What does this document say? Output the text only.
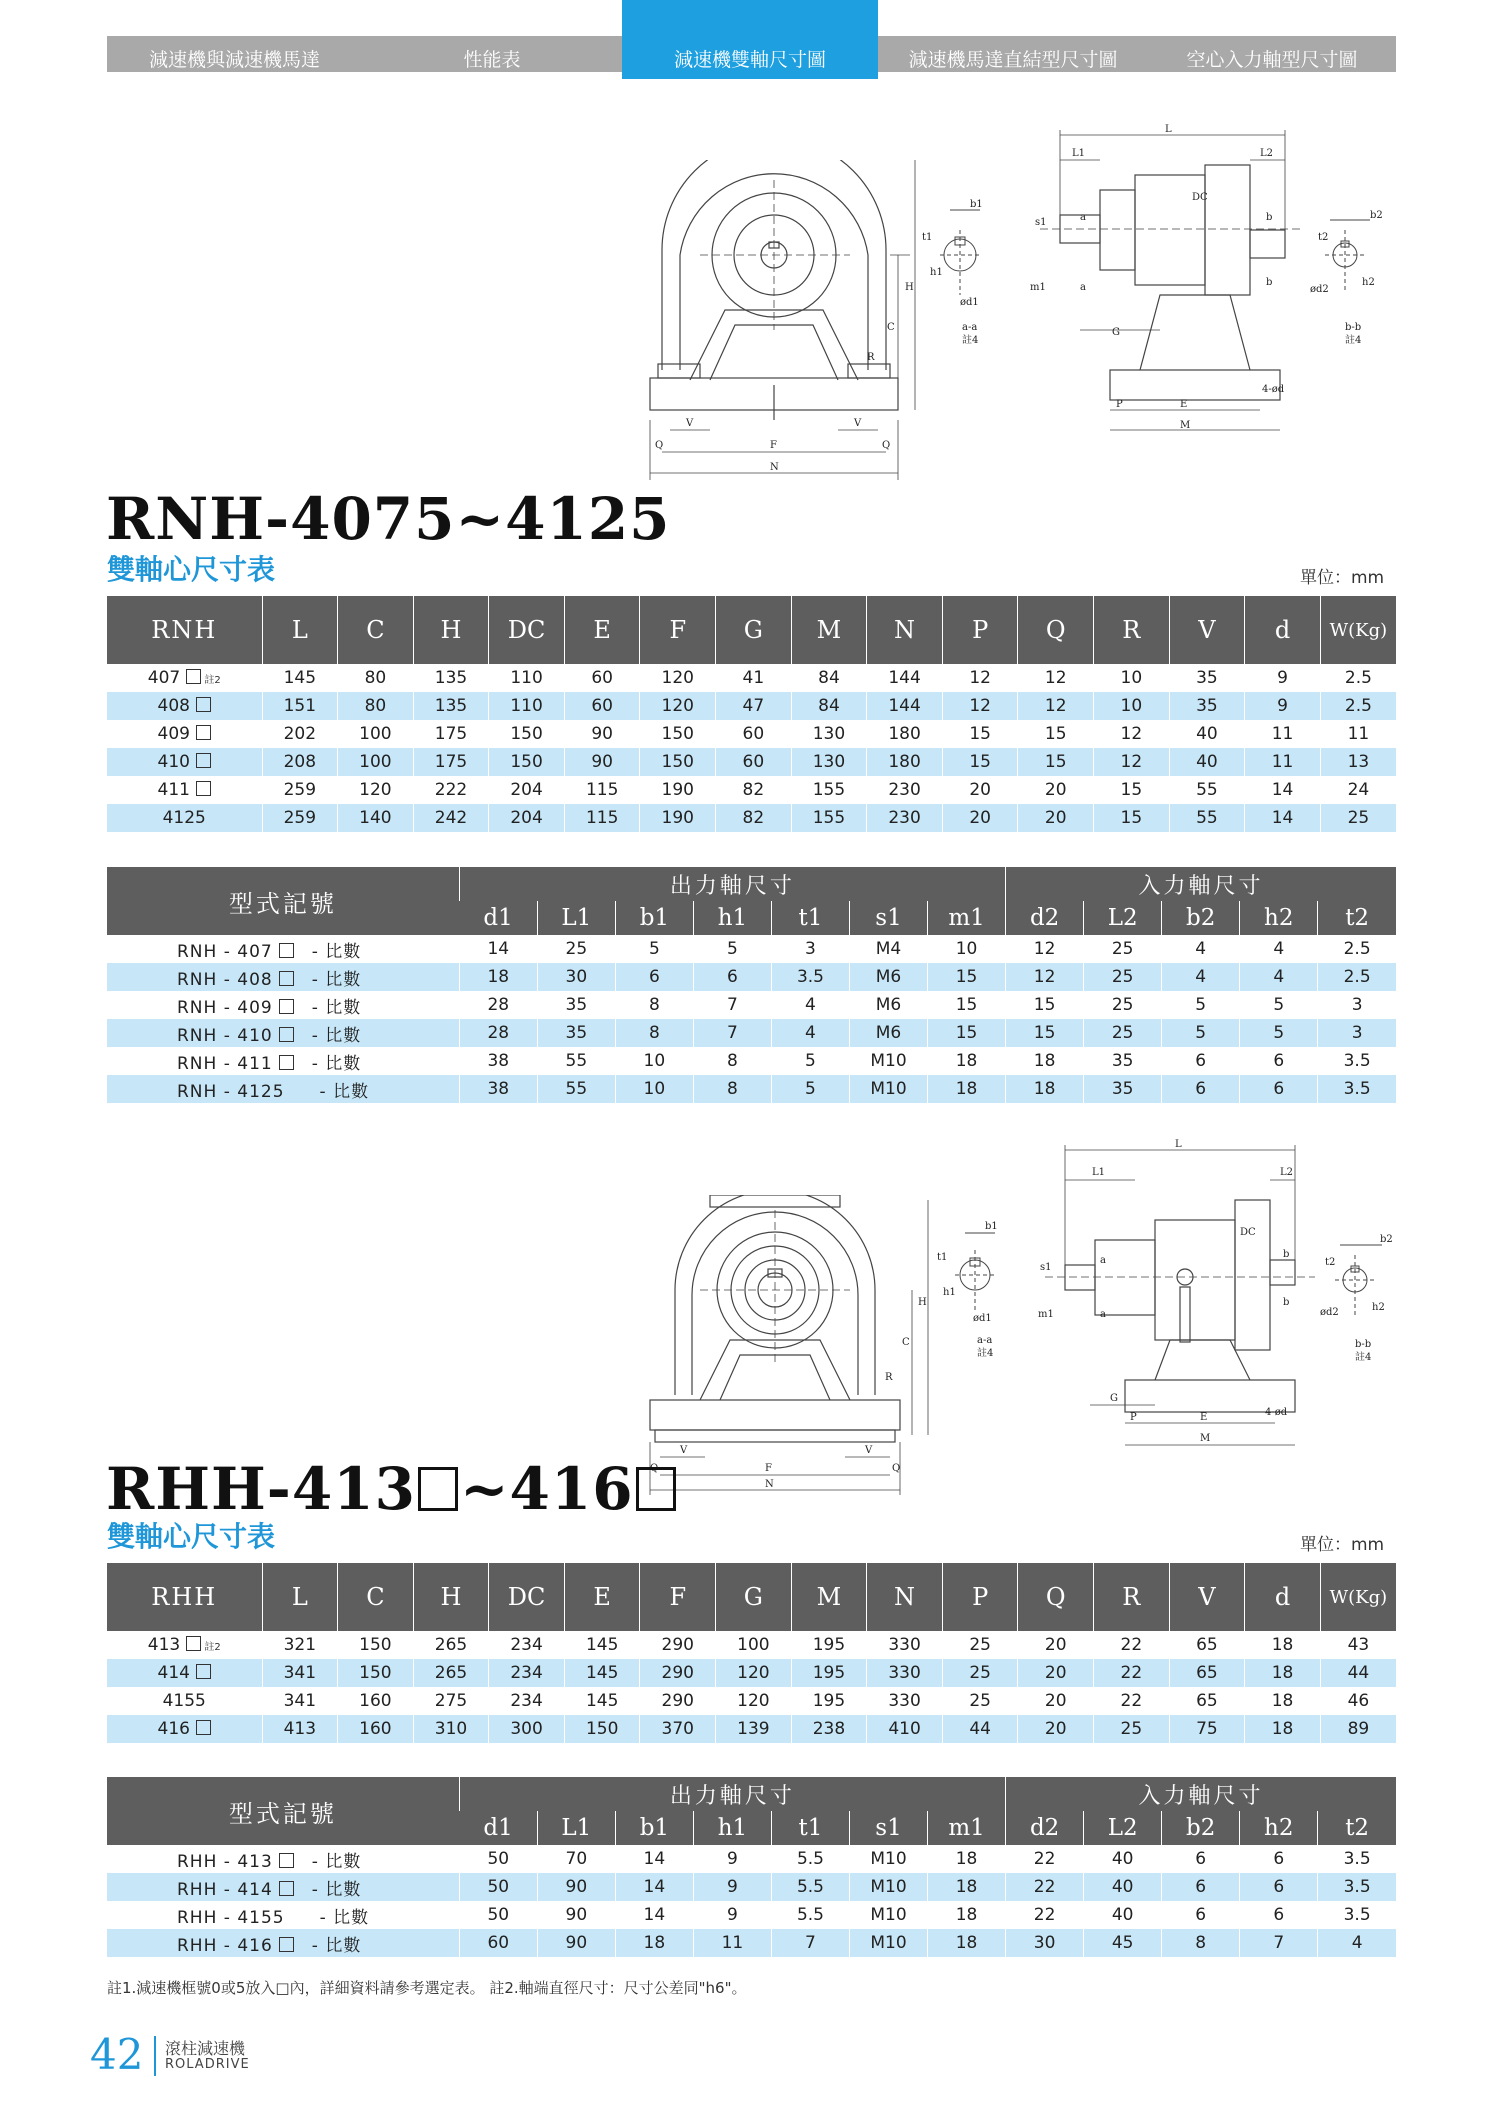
減速機與減速機馬達	性能表	減速機雙軸尺寸圖	減速機馬達直結型尺寸圖	空心入力軸型尺寸圖
N
F
Q	Q
V	V
H
C
R
b1
t1
h1
ød1
a-a
註4
L
L1	L2
DC
a
a
b
b
s1
m1
G
P	E
M
4-ød
b2
t2
h2
ød2
b-b
註4
RNH-4075~4125
雙軸心尺寸表	單位：mm
RNH	L	C	H	DC	E	F	G	M	N	P	Q	R	V	d	W(Kg)
407 註2	145	80	135	110	60	120	41	84	144	12	12	10	35	9	2.5
408	151	80	135	110	60	120	47	84	144	12	12	10	35	9	2.5
409	202	100	175	150	90	150	60	130	180	15	15	12	40	11	11
410	208	100	175	150	90	150	60	130	180	15	15	12	40	11	13
411	259	120	222	204	115	190	82	155	230	20	20	15	55	14	24
4125	259	140	242	204	115	190	82	155	230	20	20	15	55	14	25
型式記號	出力軸尺寸							入力軸尺寸				
	d1	L1	b1	h1	t1	s1	m1	d2	L2	b2	h2	t2
RNH - 407 - 比數	14	25	5	5	3	M4	10	12	25	4	4	2.5
RNH - 408 - 比數	18	30	6	6	3.5	M6	15	12	25	4	4	2.5
RNH - 409 - 比數	28	35	8	7	4	M6	15	15	25	5	5	3
RNH - 410 - 比數	28	35	8	7	4	M6	15	15	25	5	5	3
RNH - 411 - 比數	38	55	10	8	5	M10	18	18	35	6	6	3.5
RNH - 4125 - 比數	38	55	10	8	5	M10	18	18	35	6	6	3.5
N
F
Q	Q
V	V
H
C
R
b1
t1
h1
ød1
a-a
註4
L
L1	L2
DC
a
a
b
b
s1
m1
G
P	E
M
4-ød
b2
t2
h2
ød2
b-b
註4
RHH-413 ~416
雙軸心尺寸表	單位：mm
RHH	L	C	H	DC	E	F	G	M	N	P	Q	R	V	d	W(Kg)
413 註2	321	150	265	234	145	290	100	195	330	25	20	22	65	18	43
414	341	150	265	234	145	290	120	195	330	25	20	22	65	18	44
4155	341	160	275	234	145	290	120	195	330	25	20	22	65	18	46
416	413	160	310	300	150	370	139	238	410	44	20	25	75	18	89
型式記號	出力軸尺寸							入力軸尺寸				
	d1	L1	b1	h1	t1	s1	m1	d2	L2	b2	h2	t2
RHH - 413 - 比數	50	70	14	9	5.5	M10	18	22	40	6	6	3.5
RHH - 414 - 比數	50	90	14	9	5.5	M10	18	22	40	6	6	3.5
RHH - 4155 - 比數	50	90	14	9	5.5	M10	18	22	40	6	6	3.5
RHH - 416 - 比數	60	90	18	11	7	M10	18	30	45	8	7	4
註1.減速機框號0或5放入□內，詳細資料請參考選定表。 註2.軸端直徑尺寸：尺寸公差同"h6"。
42 滾柱減速機
ROLADRIVE
